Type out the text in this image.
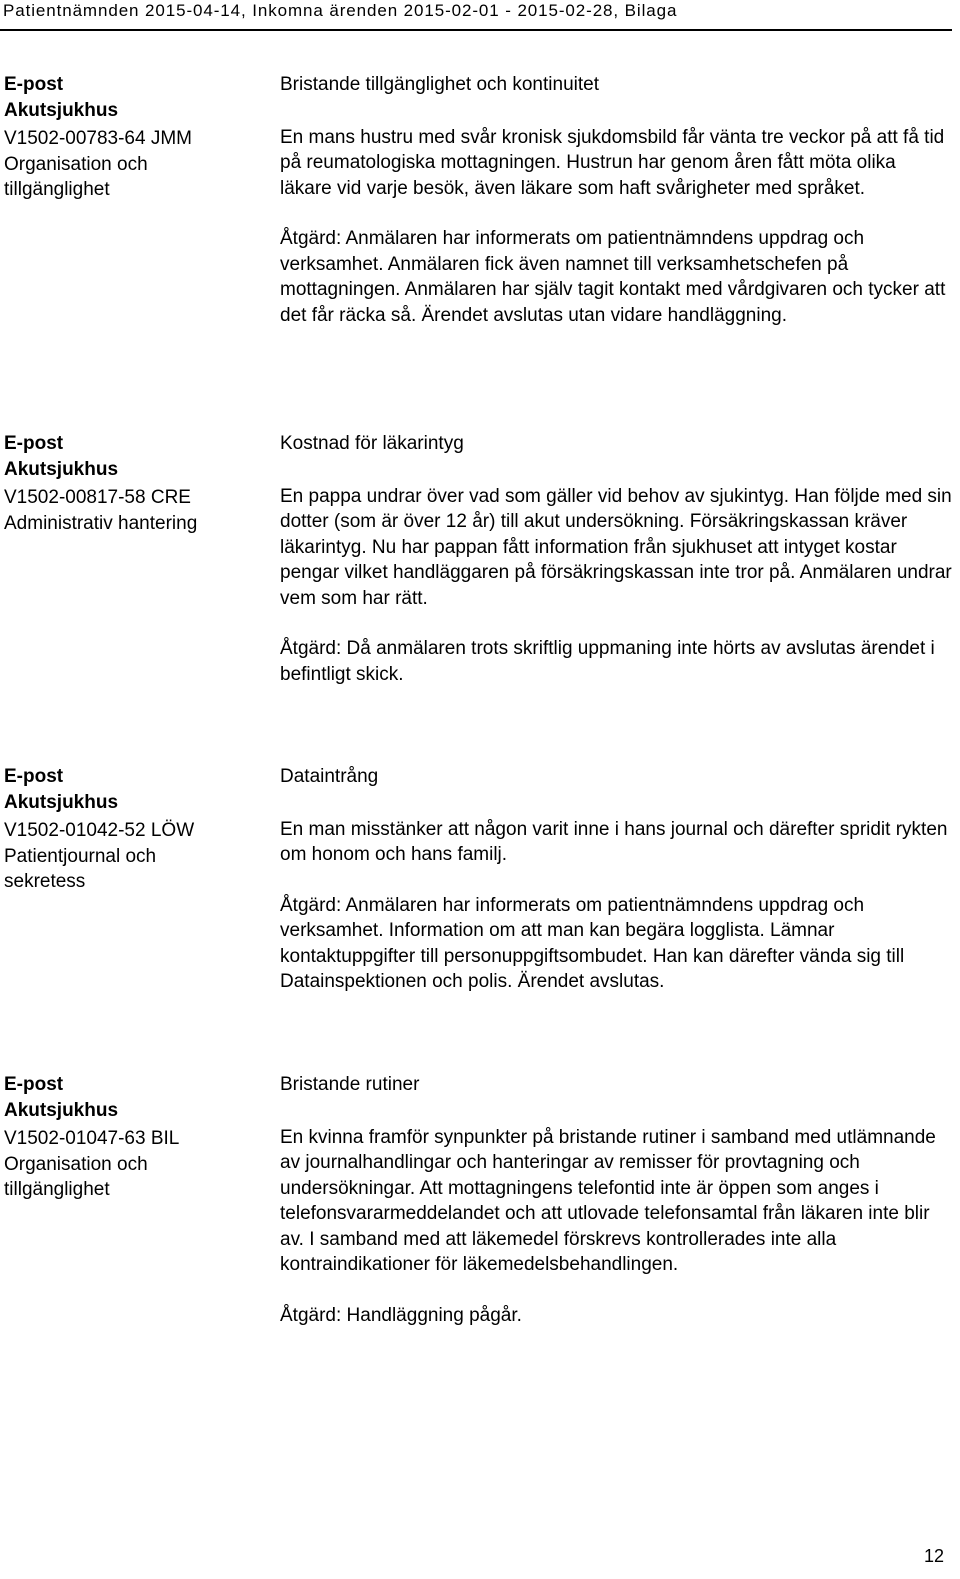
Patientnämnden 2015-04-14, Inkomna ärenden 2015-02-01 - 2015-02-28, Bilaga
E-post
Akutsjukhus
V1502-00783-64 JMM
Organisation och tillgänglighet

Bristande tillgänglighet och kontinuitet

En mans hustru med svår kronisk sjukdomsbild får vänta tre veckor på att få tid på reumatologiska mottagningen. Hustrun har genom åren fått möta olika läkare vid varje besök, även läkare som haft svårigheter med språket.

Åtgärd: Anmälaren har informerats om patientnämndens uppdrag och verksamhet. Anmälaren fick även namnet till verksamhetschefen på mottagningen. Anmälaren har själv tagit kontakt med vårdgivaren och tycker att det får räcka så. Ärendet avslutas utan vidare handläggning.

E-post
Akutsjukhus
V1502-00817-58 CRE
Administrativ hantering

Kostnad för läkarintyg

En pappa undrar över vad som gäller vid behov av sjukintyg. Han följde med sin dotter (som är över 12 år) till akut undersökning. Försäkringskassan kräver läkarintyg. Nu har pappan fått information från sjukhuset att intyget kostar pengar vilket handläggaren på försäkringskassan inte tror på. Anmälaren undrar vem som har rätt.

Åtgärd: Då anmälaren trots skriftlig uppmaning inte hörts av avslutas ärendet i befintligt skick.

E-post
Akutsjukhus
V1502-01042-52 LÖW
Patientjournal och sekretess

Dataintrång

En man misstänker att någon varit inne i hans journal och därefter spridit rykten om honom och hans familj.

Åtgärd: Anmälaren har informerats om patientnämndens uppdrag och verksamhet. Information om att man kan begära logglista. Lämnar kontaktuppgifter till personuppgiftsombudet. Han kan därefter vända sig till Datainspektionen och polis. Ärendet avslutas.

E-post
Akutsjukhus
V1502-01047-63 BIL
Organisation och tillgänglighet

Bristande rutiner

En kvinna framför synpunkter på bristande rutiner i samband med utlämnande av journalhandlingar och hanteringar av remisser för provtagning och undersökningar. Att mottagningens telefontid inte är öppen som anges i telefonsvararmeddelandet och att utlovade telefonsamtal från läkaren inte blir av. I samband med att läkemedel förskrevs kontrollerades inte alla kontraindikationer för läkemedelsbehandlingen.

Åtgärd: Handläggning pågår.

12
